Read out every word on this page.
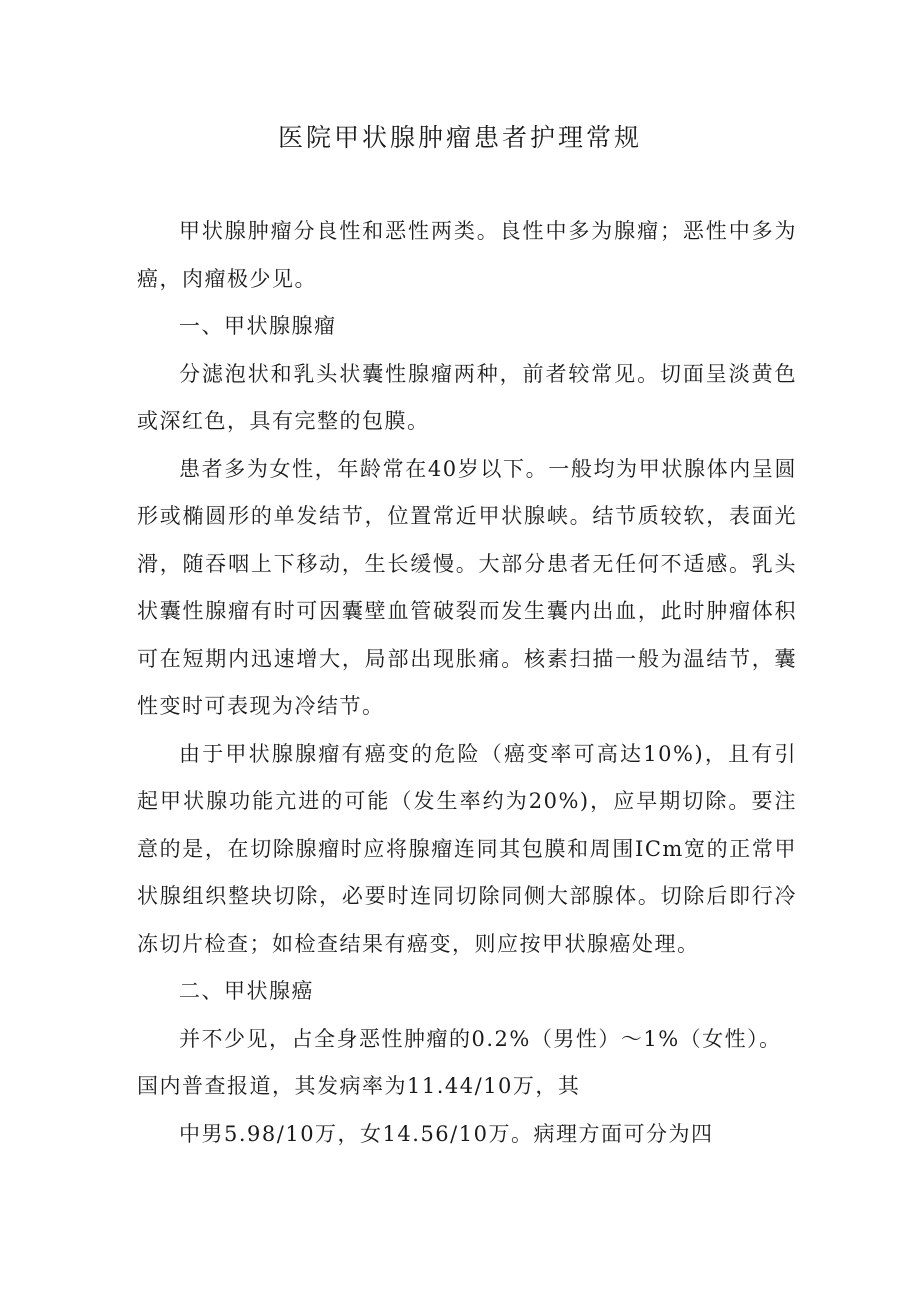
医院甲状腺肿瘤患者护理常规

甲状腺肿瘤分良性和恶性两类。良性中多为腺瘤；恶性中多为癌，肉瘤极少见。

一、甲状腺腺瘤

分滤泡状和乳头状囊性腺瘤两种，前者较常见。切面呈淡黄色或深红色，具有完整的包膜。

患者多为女性，年龄常在40岁以下。一般均为甲状腺体内呈圆形或椭圆形的单发结节，位置常近甲状腺峡。结节质较软，表面光滑，随吞咽上下移动，生长缓慢。大部分患者无任何不适感。乳头状囊性腺瘤有时可因囊壁血管破裂而发生囊内出血，此时肿瘤体积可在短期内迅速增大，局部出现胀痛。核素扫描一般为温结节，囊性变时可表现为冷结节。

由于甲状腺腺瘤有癌变的危险（癌变率可高达10%)，且有引起甲状腺功能亢进的可能（发生率约为20%)，应早期切除。要注意的是，在切除腺瘤时应将腺瘤连同其包膜和周围ICm宽的正常甲状腺组织整块切除，必要时连同切除同侧大部腺体。切除后即行冷冻切片检查；如检查结果有癌变，则应按甲状腺癌处理。

二、甲状腺癌

并不少见，占全身恶性肿瘤的0.2%（男性）～1%（女性）。

国内普查报道，其发病率为11.44/10万，其

中男5.98/10万，女14.56/10万。病理方面可分为四
